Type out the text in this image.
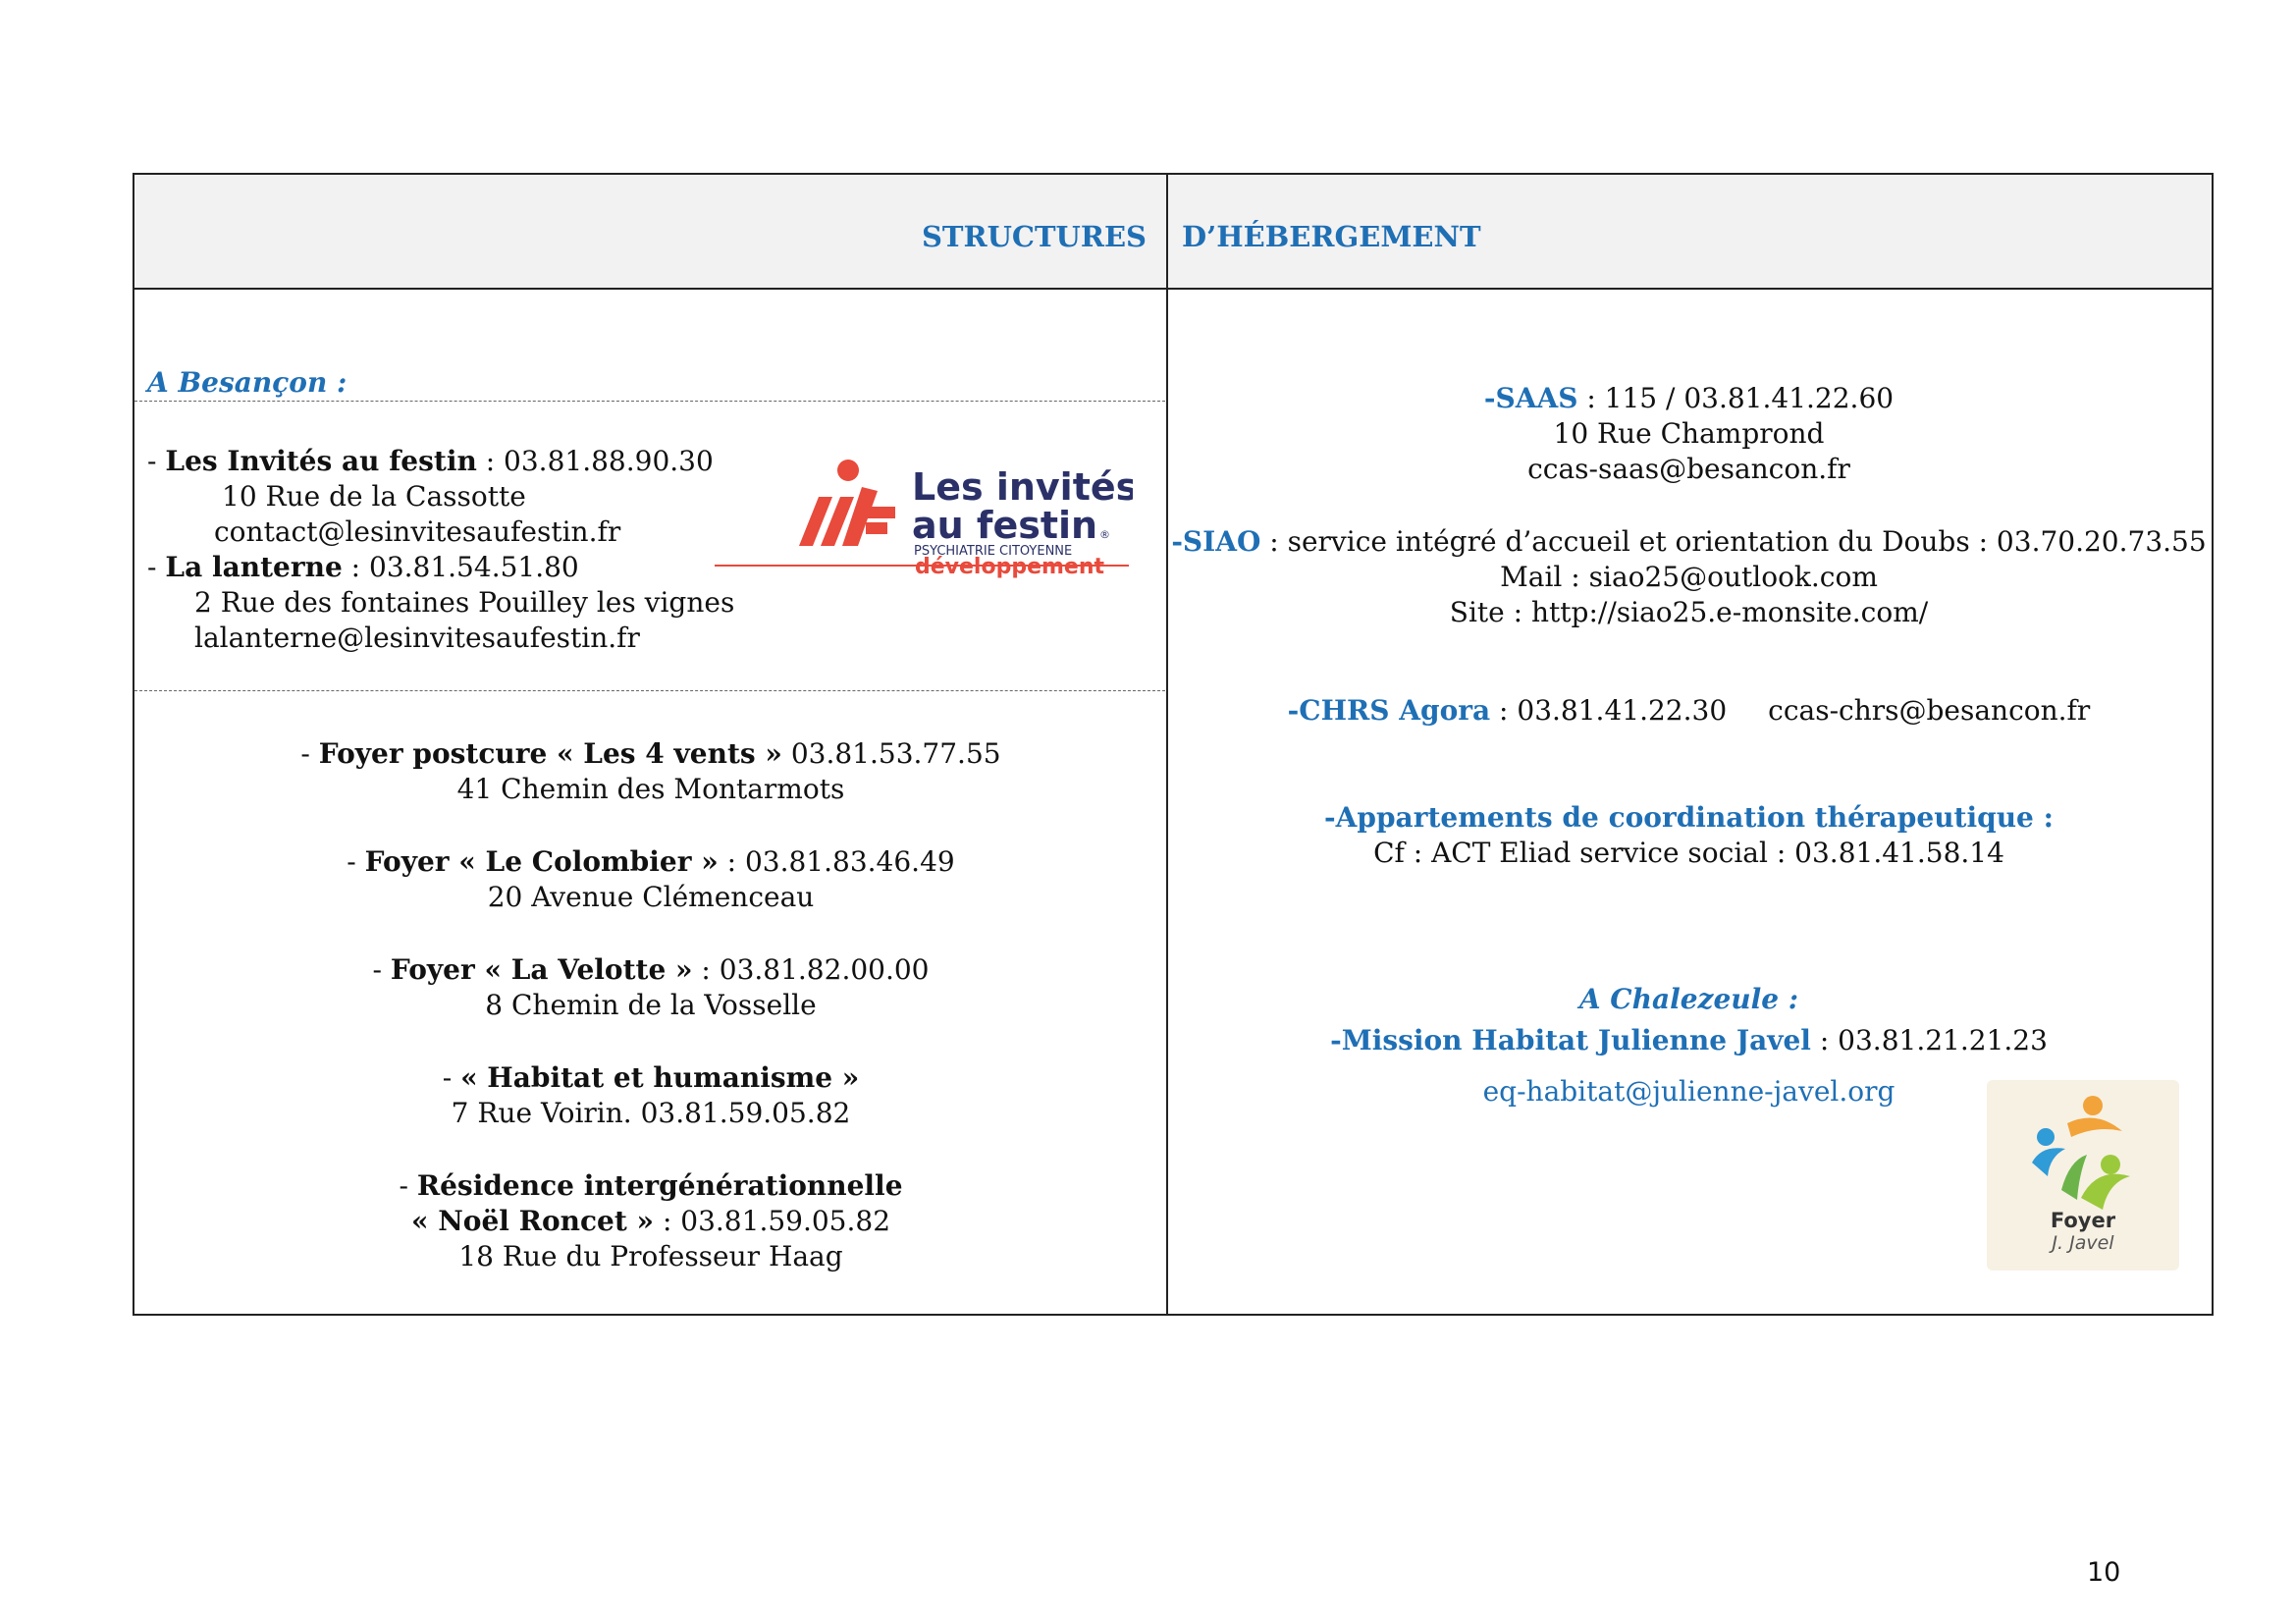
STRUCTURES D’HÉBERGEMENT
A Besançon :
- Les Invités au festin : 03.81.88.90.30
10 Rue de la Cassotte
contact@lesinvitesaufestin.fr
- La lanterne : 03.81.54.51.80
2 Rue des fontaines Pouilley les vignes
lalanterne@lesinvitesaufestin.fr
Les invités
au festin ®
PSYCHIATRIE CITOYENNE
développement
- Foyer postcure « Les 4 vents » 03.81.53.77.55
41 Chemin des Montarmots
- Foyer « Le Colombier » : 03.81.83.46.49
20 Avenue Clémenceau
- Foyer « La Velotte » : 03.81.82.00.00
8 Chemin de la Vosselle
- « Habitat et humanisme »
7 Rue Voirin. 03.81.59.05.82
- Résidence intergénérationnelle
« Noël Roncet » : 03.81.59.05.82
18 Rue du Professeur Haag
-SAAS : 115 / 03.81.41.22.60
10 Rue Champrond
ccas-saas@besancon.fr
-SIAO : service intégré d’accueil et orientation du Doubs : 03.70.20.73.55
Mail : siao25@outlook.com
Site : http://siao25.e-monsite.com/
-CHRS Agora : 03.81.41.22.30 ccas-chrs@besancon.fr
-Appartements de coordination thérapeutique :
Cf : ACT Eliad service social : 03.81.41.58.14
A Chalezeule :
-Mission Habitat Julienne Javel : 03.81.21.21.23
eq-habitat@julienne-javel.org
Foyer
J. Javel
10
